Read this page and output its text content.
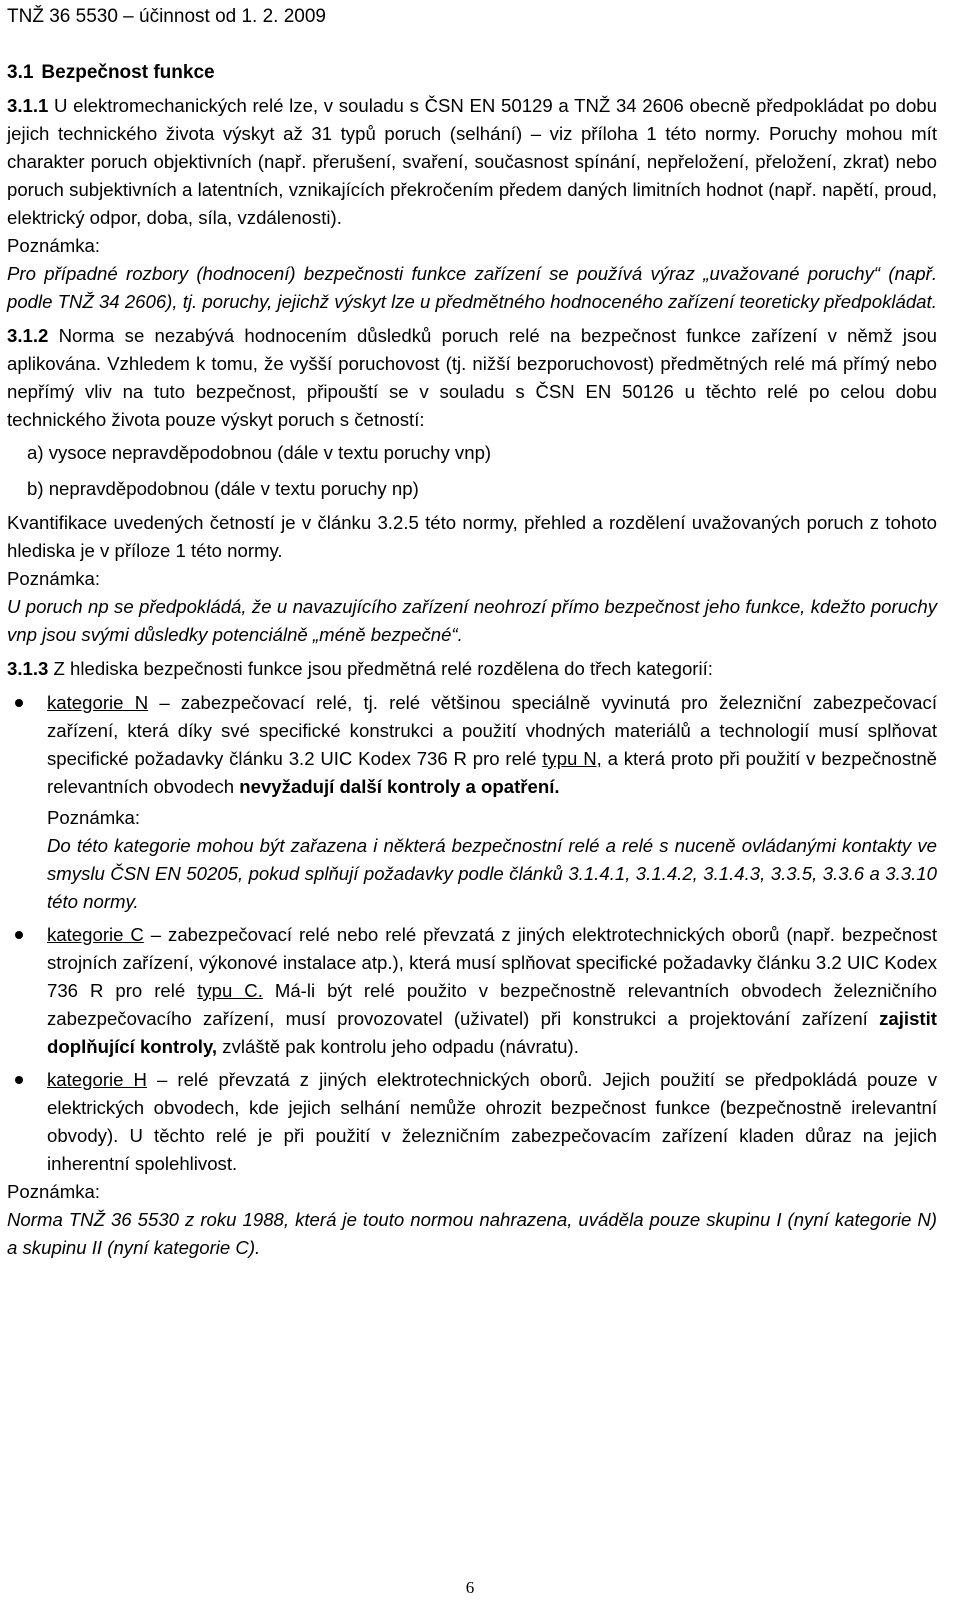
TNŽ 36 5530 – účinnost od 1. 2. 2009
3.1 Bezpečnost funkce

3.1.1 U elektromechanických relé lze, v souladu s ČSN EN 50129 a TNŽ 34 2606 obecně předpokládat po dobu jejich technického života výskyt až 31 typů poruch (selhání) – viz příloha 1 této normy. Poruchy mohou mít charakter poruch objektivních (např. přerušení, svaření, současnost spínání, nepřeložení, přeložení, zkrat) nebo poruch subjektivních a latentních, vznikajících překročením předem daných limitních hodnot (např. napětí, proud, elektrický odpor, doba, síla, vzdálenosti).

Poznámka:

Pro případné rozbory (hodnocení) bezpečnosti funkce zařízení se používá výraz „uvažované poruchy“ (např. podle TNŽ 34 2606), tj. poruchy, jejichž výskyt lze u předmětného hodnoceného zařízení teoreticky předpokládat.

3.1.2 Norma se nezabývá hodnocením důsledků poruch relé na bezpečnost funkce zařízení v němž jsou aplikována. Vzhledem k tomu, že vyšší poruchovost (tj. nižší bezporuchovost) předmětných relé má přímý nebo nepřímý vliv na tuto bezpečnost, připouští se v souladu s ČSN EN 50126 u těchto relé po celou dobu technického života pouze výskyt poruch s četností:

a) vysoce nepravděpodobnou (dále v textu poruchy vnp)

b) nepravděpodobnou (dále v textu poruchy np)

Kvantifikace uvedených četností je v článku 3.2.5 této normy, přehled a rozdělení uvažovaných poruch z tohoto hlediska je v příloze 1 této normy.

Poznámka:

U poruch np se předpokládá, že u navazujícího zařízení neohrozí přímo bezpečnost jeho funkce, kdežto poruchy vnp jsou svými důsledky potenciálně „méně bezpečné“.

3.1.3 Z hlediska bezpečnosti funkce jsou předmětná relé rozdělena do třech kategorií:

kategorie N – zabezpečovací relé, tj. relé většinou speciálně vyvinutá pro železniční zabezpečovací zařízení, která díky své specifické konstrukci a použití vhodných materiálů a technologií musí splňovat specifické požadavky článku 3.2 UIC Kodex 736 R pro relé typu N, a která proto při použití v bezpečnostně relevantních obvodech nevyžadují další kontroly a opatření.

Poznámka:

Do této kategorie mohou být zařazena i některá bezpečnostní relé a relé s nuceně ovládanými kontakty ve smyslu ČSN EN 50205, pokud splňují požadavky podle článků 3.1.4.1, 3.1.4.2, 3.1.4.3, 3.3.5, 3.3.6 a 3.3.10 této normy.

kategorie C – zabezpečovací relé nebo relé převzatá z jiných elektrotechnických oborů (např. bezpečnost strojních zařízení, výkonové instalace atp.), která musí splňovat specifické požadavky článku 3.2 UIC Kodex 736 R pro relé typu C. Má-li být relé použito v bezpečnostně relevantních obvodech železničního zabezpečovacího zařízení, musí provozovatel (uživatel) při konstrukci a projektování zařízení zajistit doplňující kontroly, zvláště pak kontrolu jeho odpadu (návratu).
kategorie H – relé převzatá z jiných elektrotechnických oborů. Jejich použití se předpokládá pouze v elektrických obvodech, kde jejich selhání nemůže ohrozit bezpečnost funkce (bezpečnostně irelevantní obvody). U těchto relé je při použití v železničním zabezpečovacím zařízení kladen důraz na jejich inherentní spolehlivost.

Poznámka:

Norma TNŽ 36 5530 z roku 1988, která je touto normou nahrazena, uváděla pouze skupinu I (nyní kategorie N) a skupinu II (nyní kategorie C).

6
